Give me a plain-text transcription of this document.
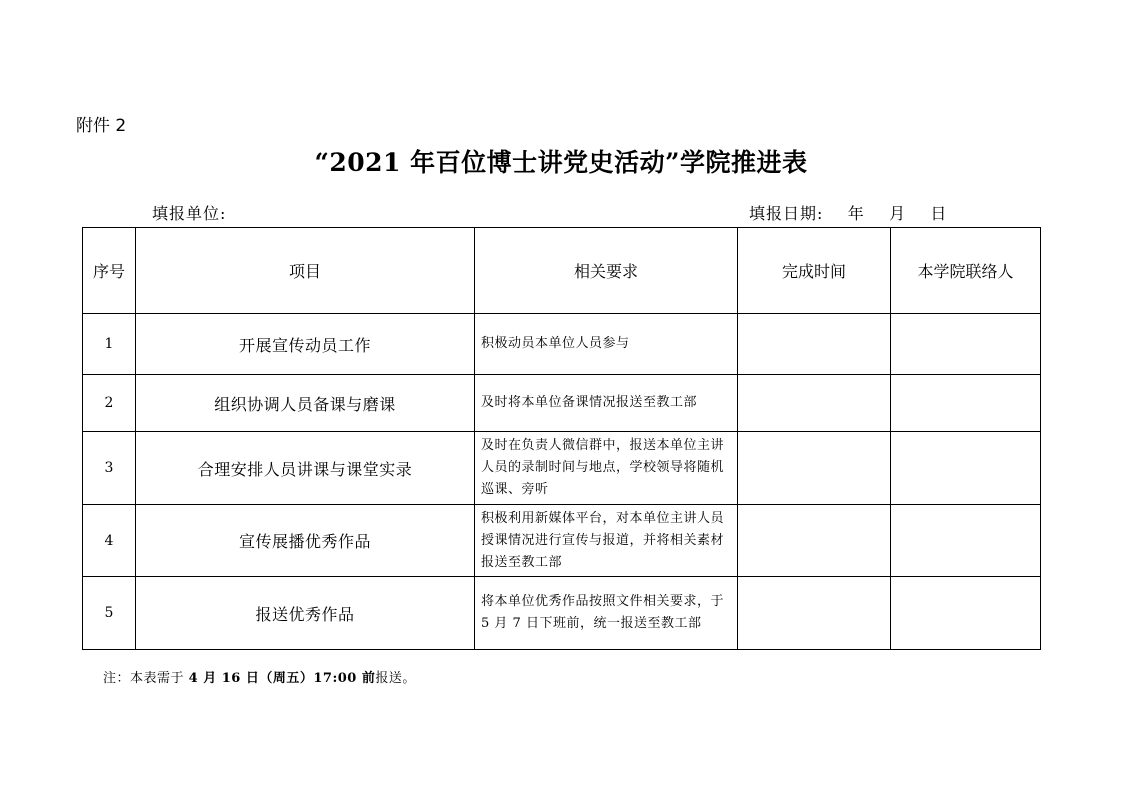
附件 2
“2021 年百位博士讲党史活动”学院推进表
填报单位:	填报日期:    年    月    日
序号	项目	相关要求	完成时间	本学院联络人
1	开展宣传动员工作	积极动员本单位人员参与		
2	组织协调人员备课与磨课	及时将本单位备课情况报送至教工部		
3	合理安排人员讲课与课堂实录	及时在负责人微信群中，报送本单位主讲人员的录制时间与地点，学校领导将随机巡课、旁听		
4	宣传展播优秀作品	积极利用新媒体平台，对本单位主讲人员授课情况进行宣传与报道，并将相关素材报送至教工部		
5	报送优秀作品	将本单位优秀作品按照文件相关要求，于 5 月 7 日下班前，统一报送至教工部		
注：本表需于 4 月 16 日（周五）17:00 前报送。
